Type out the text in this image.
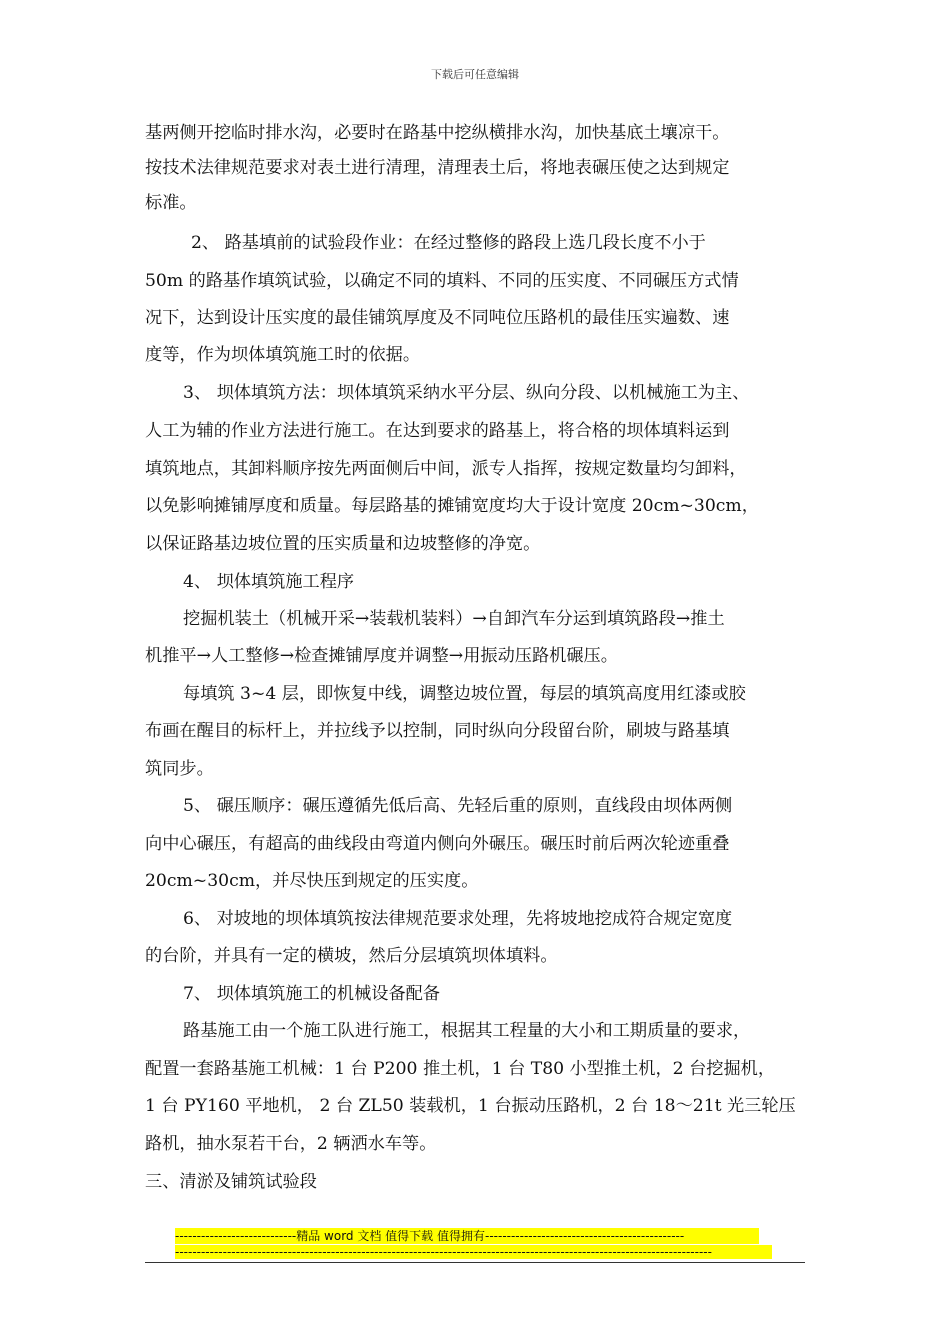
下载后可任意编辑
基两侧开挖临时排水沟，必要时在路基中挖纵横排水沟，加快基底土壤凉干。
按技术法律规范要求对表土进行清理，清理表土后，将地表碾压使之达到规定
标准。
2、 路基填前的试验段作业：在经过整修的路段上选几段长度不小于
50m 的路基作填筑试验，以确定不同的填料、不同的压实度、不同碾压方式情
况下，达到设计压实度的最佳铺筑厚度及不同吨位压路机的最佳压实遍数、速
度等，作为坝体填筑施工时的依据。
3、 坝体填筑方法：坝体填筑采纳水平分层、纵向分段、以机械施工为主、
人工为辅的作业方法进行施工。在达到要求的路基上，将合格的坝体填料运到
填筑地点，其卸料顺序按先两面侧后中间，派专人指挥，按规定数量均匀卸料，
以免影响摊铺厚度和质量。每层路基的摊铺宽度均大于设计宽度 20cm~30cm，
以保证路基边坡位置的压实质量和边坡整修的净宽。
4、 坝体填筑施工程序
挖掘机装土（机械开采→装载机装料）→自卸汽车分运到填筑路段→推土
机推平→人工整修→检查摊铺厚度并调整→用振动压路机碾压。
每填筑 3~4 层，即恢复中线，调整边坡位置，每层的填筑高度用红漆或胶
布画在醒目的标杆上，并拉线予以控制，同时纵向分段留台阶，刷坡与路基填
筑同步。
5、 碾压顺序：碾压遵循先低后高、先轻后重的原则，直线段由坝体两侧
向中心碾压，有超高的曲线段由弯道内侧向外碾压。碾压时前后两次轮迹重叠
20cm~30cm，并尽快压到规定的压实度。
6、 对坡地的坝体填筑按法律规范要求处理，先将坡地挖成符合规定宽度
的台阶，并具有一定的横坡，然后分层填筑坝体填料。
7、 坝体填筑施工的机械设备配备
路基施工由一个施工队进行施工，根据其工程量的大小和工期质量的要求，
配置一套路基施工机械：1 台 P200 推土机，1 台 T80 小型推土机，2 台挖掘机，
1 台 PY160 平地机， 2 台 ZL50 装载机，1 台振动压路机，2 台 18～21t 光三轮压
路机，抽水泵若干台，2 辆洒水车等。
三、清淤及铺筑试验段
----------------------------精品 word 文档 值得下载 值得拥有----------------------------------------------
----------------------------------------------------------------------------------------------------------------------------
